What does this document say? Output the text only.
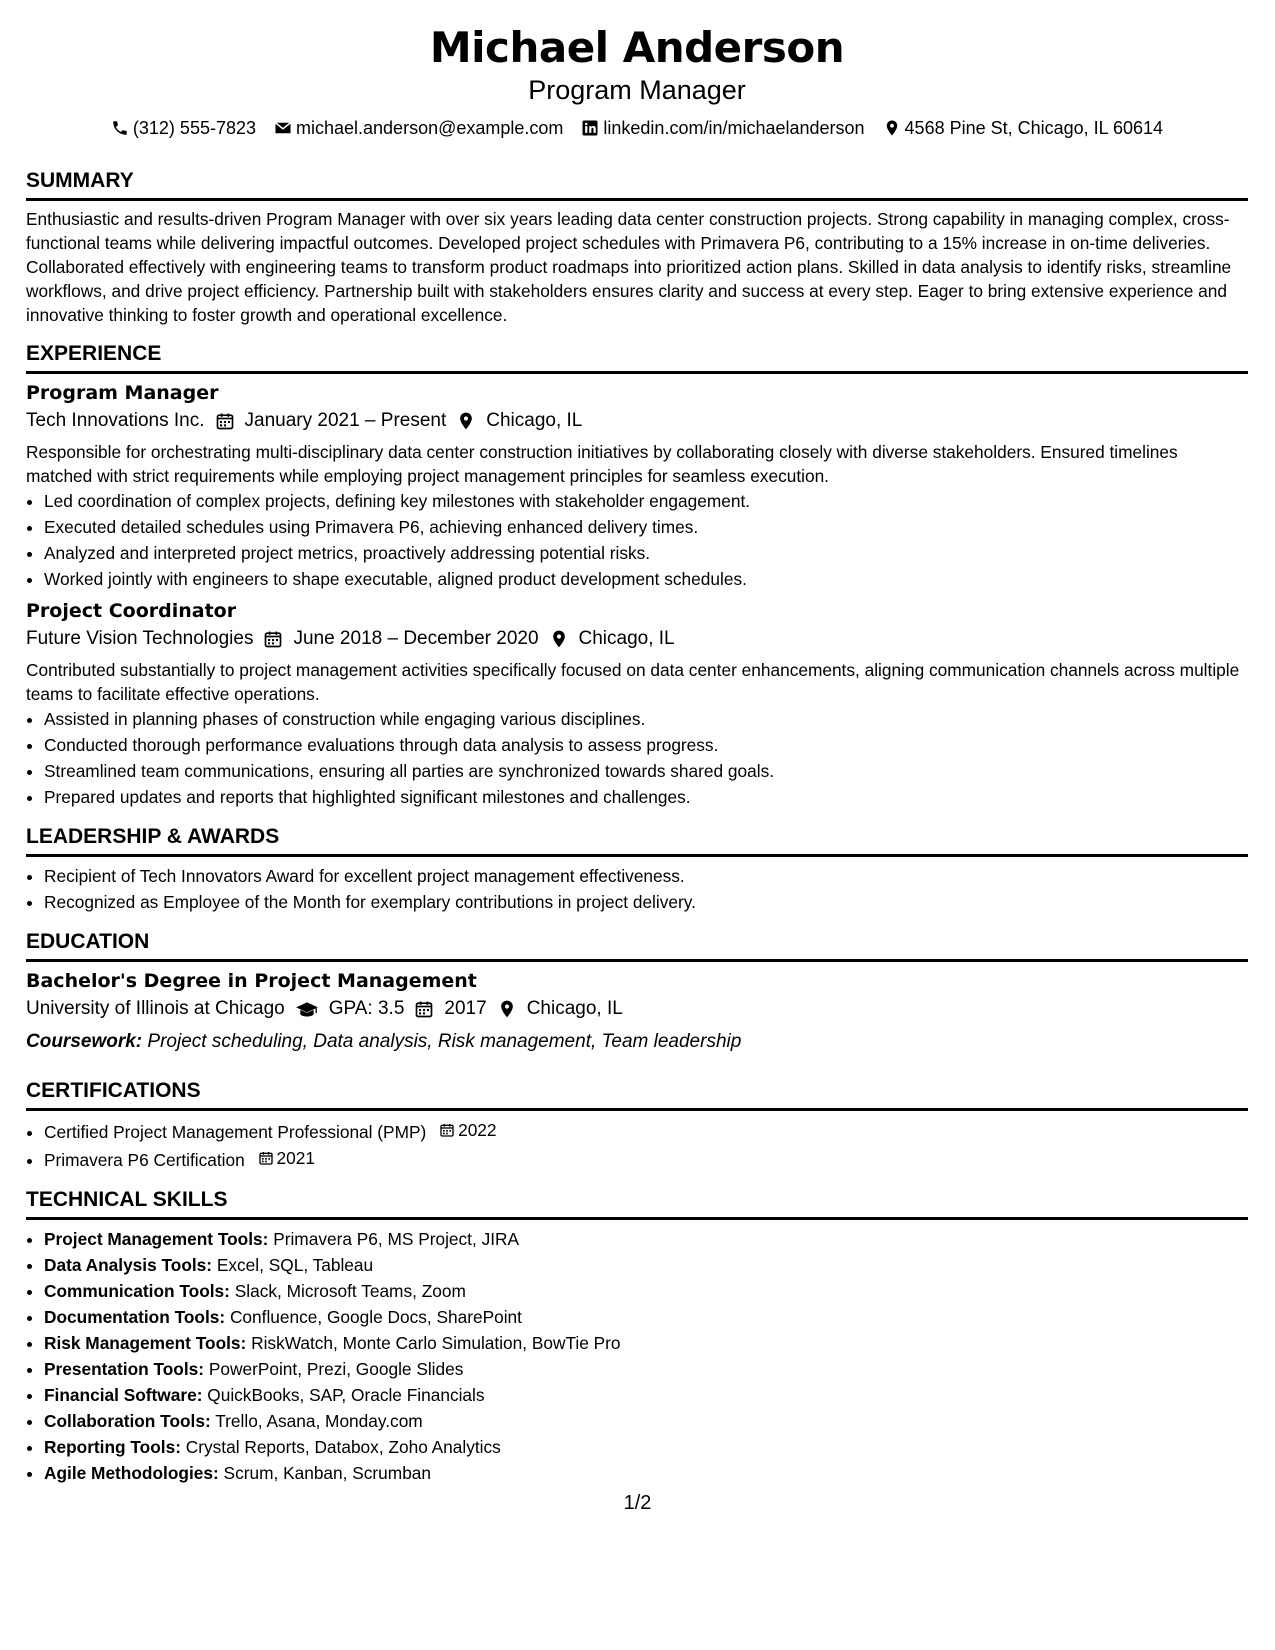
Michael Anderson
Program Manager
(312) 555-7823 michael.anderson@example.com linkedin.com/in/michaelanderson 4568 Pine St, Chicago, IL 60614
SUMMARY

Enthusiastic and results-driven Program Manager with over six years leading data center construction projects. Strong capability in managing complex, cross-functional teams while delivering impactful outcomes. Developed project schedules with Primavera P6, contributing to a 15% increase in on-time deliveries. Collaborated effectively with engineering teams to transform product roadmaps into prioritized action plans. Skilled in data analysis to identify risks, streamline workflows, and drive project efficiency. Partnership built with stakeholders ensures clarity and success at every step. Eager to bring extensive experience and innovative thinking to foster growth and operational excellence.

EXPERIENCE
Program Manager
Tech Innovations Inc. January 2021 – Present Chicago, IL

Responsible for orchestrating multi-disciplinary data center construction initiatives by collaborating closely with diverse stakeholders. Ensured timelines matched with strict requirements while employing project management principles for seamless execution.

• Led coordination of complex projects, defining key milestones with stakeholder engagement.
• Executed detailed schedules using Primavera P6, achieving enhanced delivery times.
• Analyzed and interpreted project metrics, proactively addressing potential risks.
• Worked jointly with engineers to shape executable, aligned product development schedules.
Project Coordinator
Future Vision Technologies June 2018 – December 2020 Chicago, IL

Contributed substantially to project management activities specifically focused on data center enhancements, aligning communication channels across multiple teams to facilitate effective operations.

• Assisted in planning phases of construction while engaging various disciplines.
• Conducted thorough performance evaluations through data analysis to assess progress.
• Streamlined team communications, ensuring all parties are synchronized towards shared goals.
• Prepared updates and reports that highlighted significant milestones and challenges.
LEADERSHIP & AWARDS
• Recipient of Tech Innovators Award for excellent project management effectiveness.
• Recognized as Employee of the Month for exemplary contributions in project delivery.
EDUCATION
Bachelor's Degree in Project Management
University of Illinois at Chicago GPA: 3.5 2017 Chicago, IL
Coursework: Project scheduling, Data analysis, Risk management, Team leadership
CERTIFICATIONS
• Certified Project Management Professional (PMP) 2022
• Primavera P6 Certification 2021
TECHNICAL SKILLS
• Project Management Tools: Primavera P6, MS Project, JIRA
• Data Analysis Tools: Excel, SQL, Tableau
• Communication Tools: Slack, Microsoft Teams, Zoom
• Documentation Tools: Confluence, Google Docs, SharePoint
• Risk Management Tools: RiskWatch, Monte Carlo Simulation, BowTie Pro
• Presentation Tools: PowerPoint, Prezi, Google Slides
• Financial Software: QuickBooks, SAP, Oracle Financials
• Collaboration Tools: Trello, Asana, Monday.com
• Reporting Tools: Crystal Reports, Databox, Zoho Analytics
• Agile Methodologies: Scrum, Kanban, Scrumban
1/2
